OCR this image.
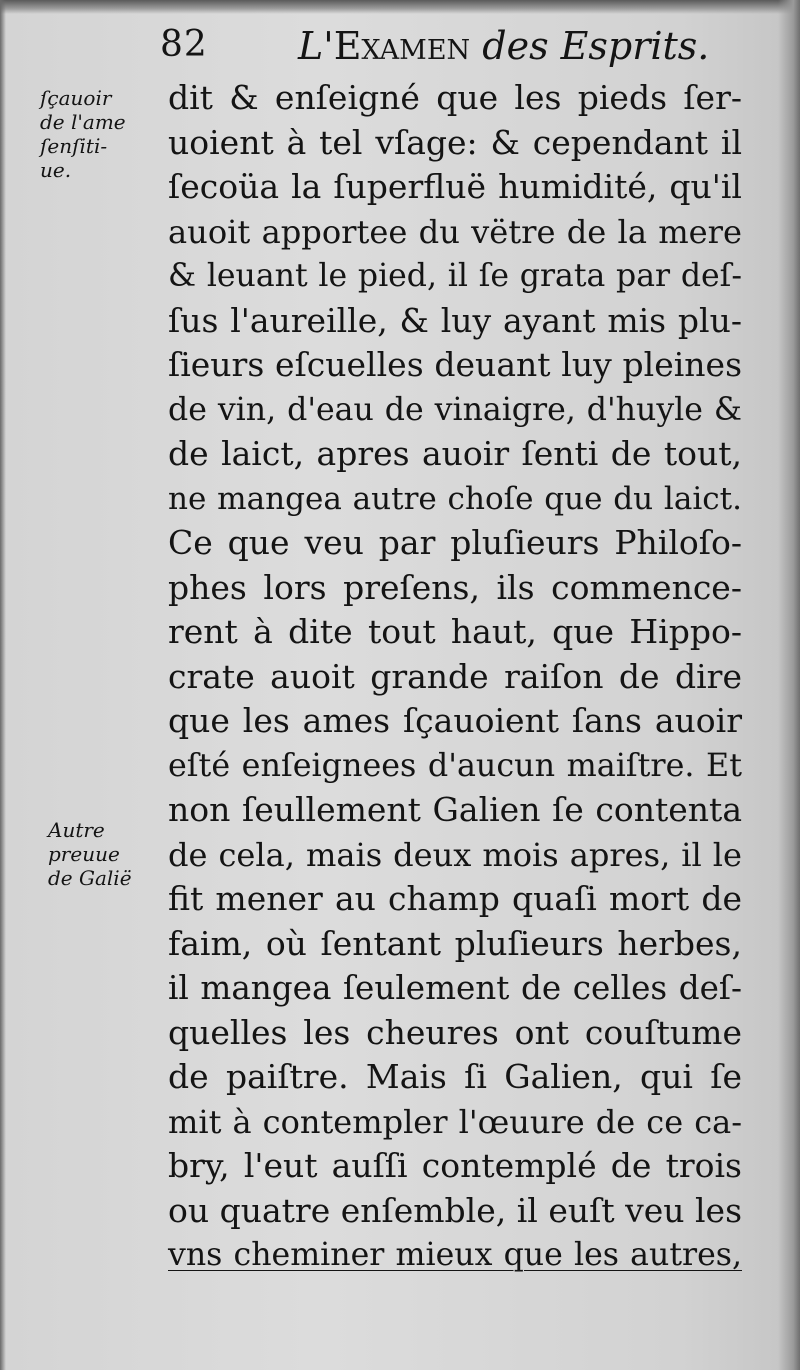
82 L'Examen des Esprits.
ſçauoir
de l'ame
ſenſiti-
ue.
Autre
preuue
de Galië
dit & enſeigné que les pieds ſer-
uoient à tel vſage: & cependant il
ſecoüa la ſuperfluë humidité, qu'il
auoit apportee du vëtre de la mere
& leuant le pied, il ſe grata par deſ-
ſus l'aureille, & luy ayant mis plu-
ſieurs eſcuelles deuant luy pleines
de vin, d'eau de vinaigre, d'huyle &
de laict, apres auoir ſenti de tout,
ne mangea autre choſe que du laict.
Ce que veu par pluſieurs Philoſo-
phes lors preſens, ils commence-
rent à dite tout haut, que Hippo-
crate auoit grande raiſon de dire
que les ames ſçauoient ſans auoir
eſté enſeignees d'aucun maiſtre. Et
non ſeullement Galien ſe contenta
de cela, mais deux mois apres, il le
fit mener au champ quaſi mort de
faim, où ſentant pluſieurs herbes,
il mangea ſeulement de celles deſ-
quelles les cheures ont couſtume
de paiſtre. Mais ſi Galien, qui ſe
mit à contempler l'œuure de ce ca-
bry, l'eut auſſi contemplé de trois
ou quatre enſemble, il euſt veu les
vns cheminer mieux que les autres,
